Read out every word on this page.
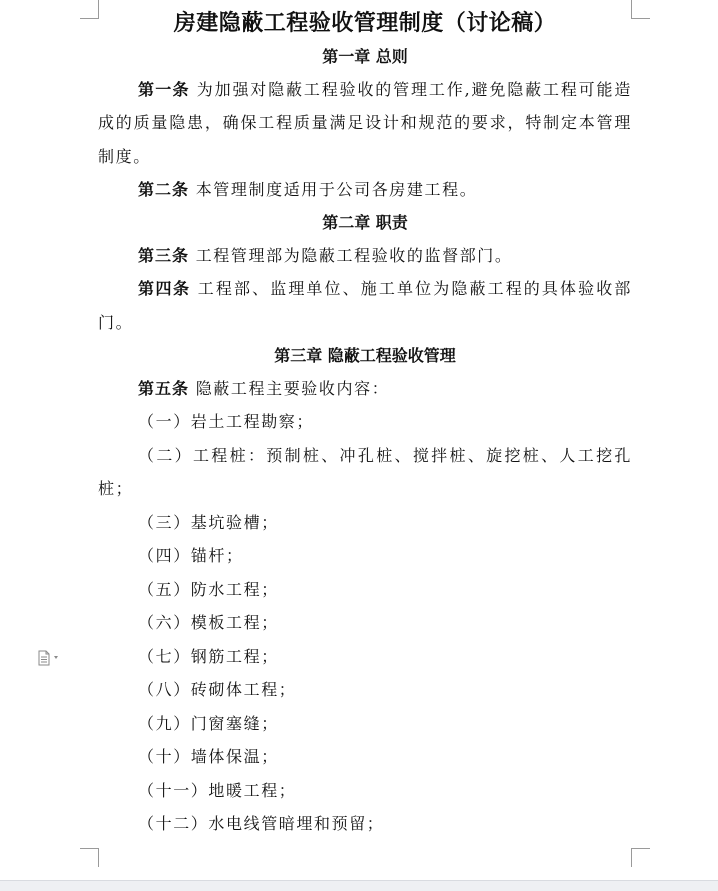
房建隐蔽工程验收管理制度（讨论稿）
第一章 总则

第一条 为加强对隐蔽工程验收的管理工作,避免隐蔽工程可能造成的质量隐患，确保工程质量满足设计和规范的要求，特制定本管理制度。

第二条 本管理制度适用于公司各房建工程。

第二章 职责

第三条 工程管理部为隐蔽工程验收的监督部门。

第四条 工程部、监理单位、施工单位为隐蔽工程的具体验收部门。

第三章 隐蔽工程验收管理

第五条 隐蔽工程主要验收内容：

（一）岩土工程勘察；

（二）工程桩：预制桩、冲孔桩、搅拌桩、旋挖桩、人工挖孔桩；

（三）基坑验槽；

（四）锚杆；

（五）防水工程；

（六）模板工程；

（七）钢筋工程；

（八）砖砌体工程；

（九）门窗塞缝；

（十）墙体保温；

（十一）地暖工程；

（十二）水电线管暗埋和预留；
